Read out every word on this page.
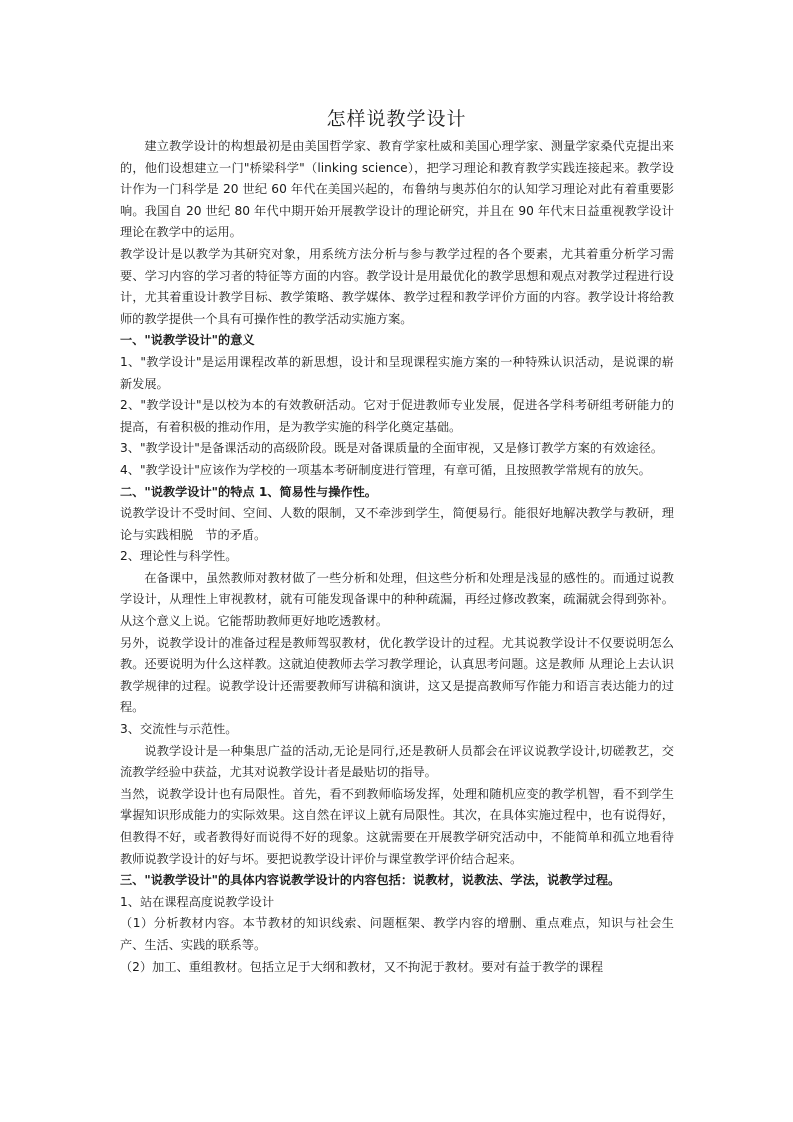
怎样说教学设计

建立教学设计的构想最初是由美国哲学家、教育学家杜威和美国心理学家、测量学家桑代克提出来的，他们设想建立一门"桥梁科学"（linking science），把学习理论和教育教学实践连接起来。教学设计作为一门科学是 20 世纪 60 年代在美国兴起的，布鲁纳与奥苏伯尔的认知学习理论对此有着重要影响。我国自 20 世纪 80 年代中期开始开展教学设计的理论研究，并且在 90 年代末日益重视教学设计理论在教学中的运用。

教学设计是以教学为其研究对象，用系统方法分析与参与教学过程的各个要素，尤其着重分析学习需要、学习内容的学习者的特征等方面的内容。教学设计是用最优化的教学思想和观点对教学过程进行设计，尤其着重设计教学目标、教学策略、教学媒体、教学过程和教学评价方面的内容。教学设计将给教师的教学提供一个具有可操作性的教学活动实施方案。

一、"说教学设计"的意义

1、"教学设计"是运用课程改革的新思想，设计和呈现课程实施方案的一种特殊认识活动，是说课的崭新发展。

2、"教学设计"是以校为本的有效教研活动。它对于促进教师专业发展，促进各学科考研组考研能力的提高，有着积极的推动作用，是为教学实施的科学化奠定基础。

3、"教学设计"是备课活动的高级阶段。既是对备课质量的全面审视，又是修订教学方案的有效途径。

4、"教学设计"应该作为学校的一项基本考研制度进行管理，有章可循，且按照教学常规有的放矢。

二、"说教学设计"的特点 1、简易性与操作性。

说教学设计不受时间、空间、人数的限制，又不牵涉到学生，简便易行。能很好地解决教学与教研，理论与实践相脱　节的矛盾。

2、理论性与科学性。

在备课中，虽然教师对教材做了一些分析和处理，但这些分析和处理是浅显的感性的。而通过说教学设计，从理性上审视教材，就有可能发现备课中的种种疏漏，再经过修改教案，疏漏就会得到弥补。从这个意义上说。它能帮助教师更好地吃透教材。

另外，说教学设计的准备过程是教师驾驭教材，优化教学设计的过程。尤其说教学设计不仅要说明怎么教。还要说明为什么这样教。这就迫使教师去学习教学理论，认真思考问题。这是教师 从理论上去认识教学规律的过程。说教学设计还需要教师写讲稿和演讲，这又是提高教师写作能力和语言表达能力的过程。

3、交流性与示范性。

说教学设计是一种集思广益的活动,无论是同行,还是教研人员都会在评议说教学设计,切磋教艺，交流教学经验中获益，尤其对说教学设计者是最贴切的指导。

当然，说教学设计也有局限性。首先，看不到教师临场发挥，处理和随机应变的教学机智，看不到学生掌握知识形成能力的实际效果。这自然在评议上就有局限性。其次，在具体实施过程中，也有说得好，但教得不好，或者教得好而说得不好的现象。这就需要在开展教学研究活动中，不能简单和孤立地看待教师说教学设计的好与坏。要把说教学设计评价与课堂教学评价结合起来。

三、"说教学设计"的具体内容说教学设计的内容包括：说教材，说教法、学法，说教学过程。

1、站在课程高度说教学设计

（1）分析教材内容。本节教材的知识线索、问题框架、教学内容的增删、重点难点，知识与社会生产、生活、实践的联系等。

（2）加工、重组教材。包括立足于大纲和教材，又不拘泥于教材。要对有益于教学的课程
